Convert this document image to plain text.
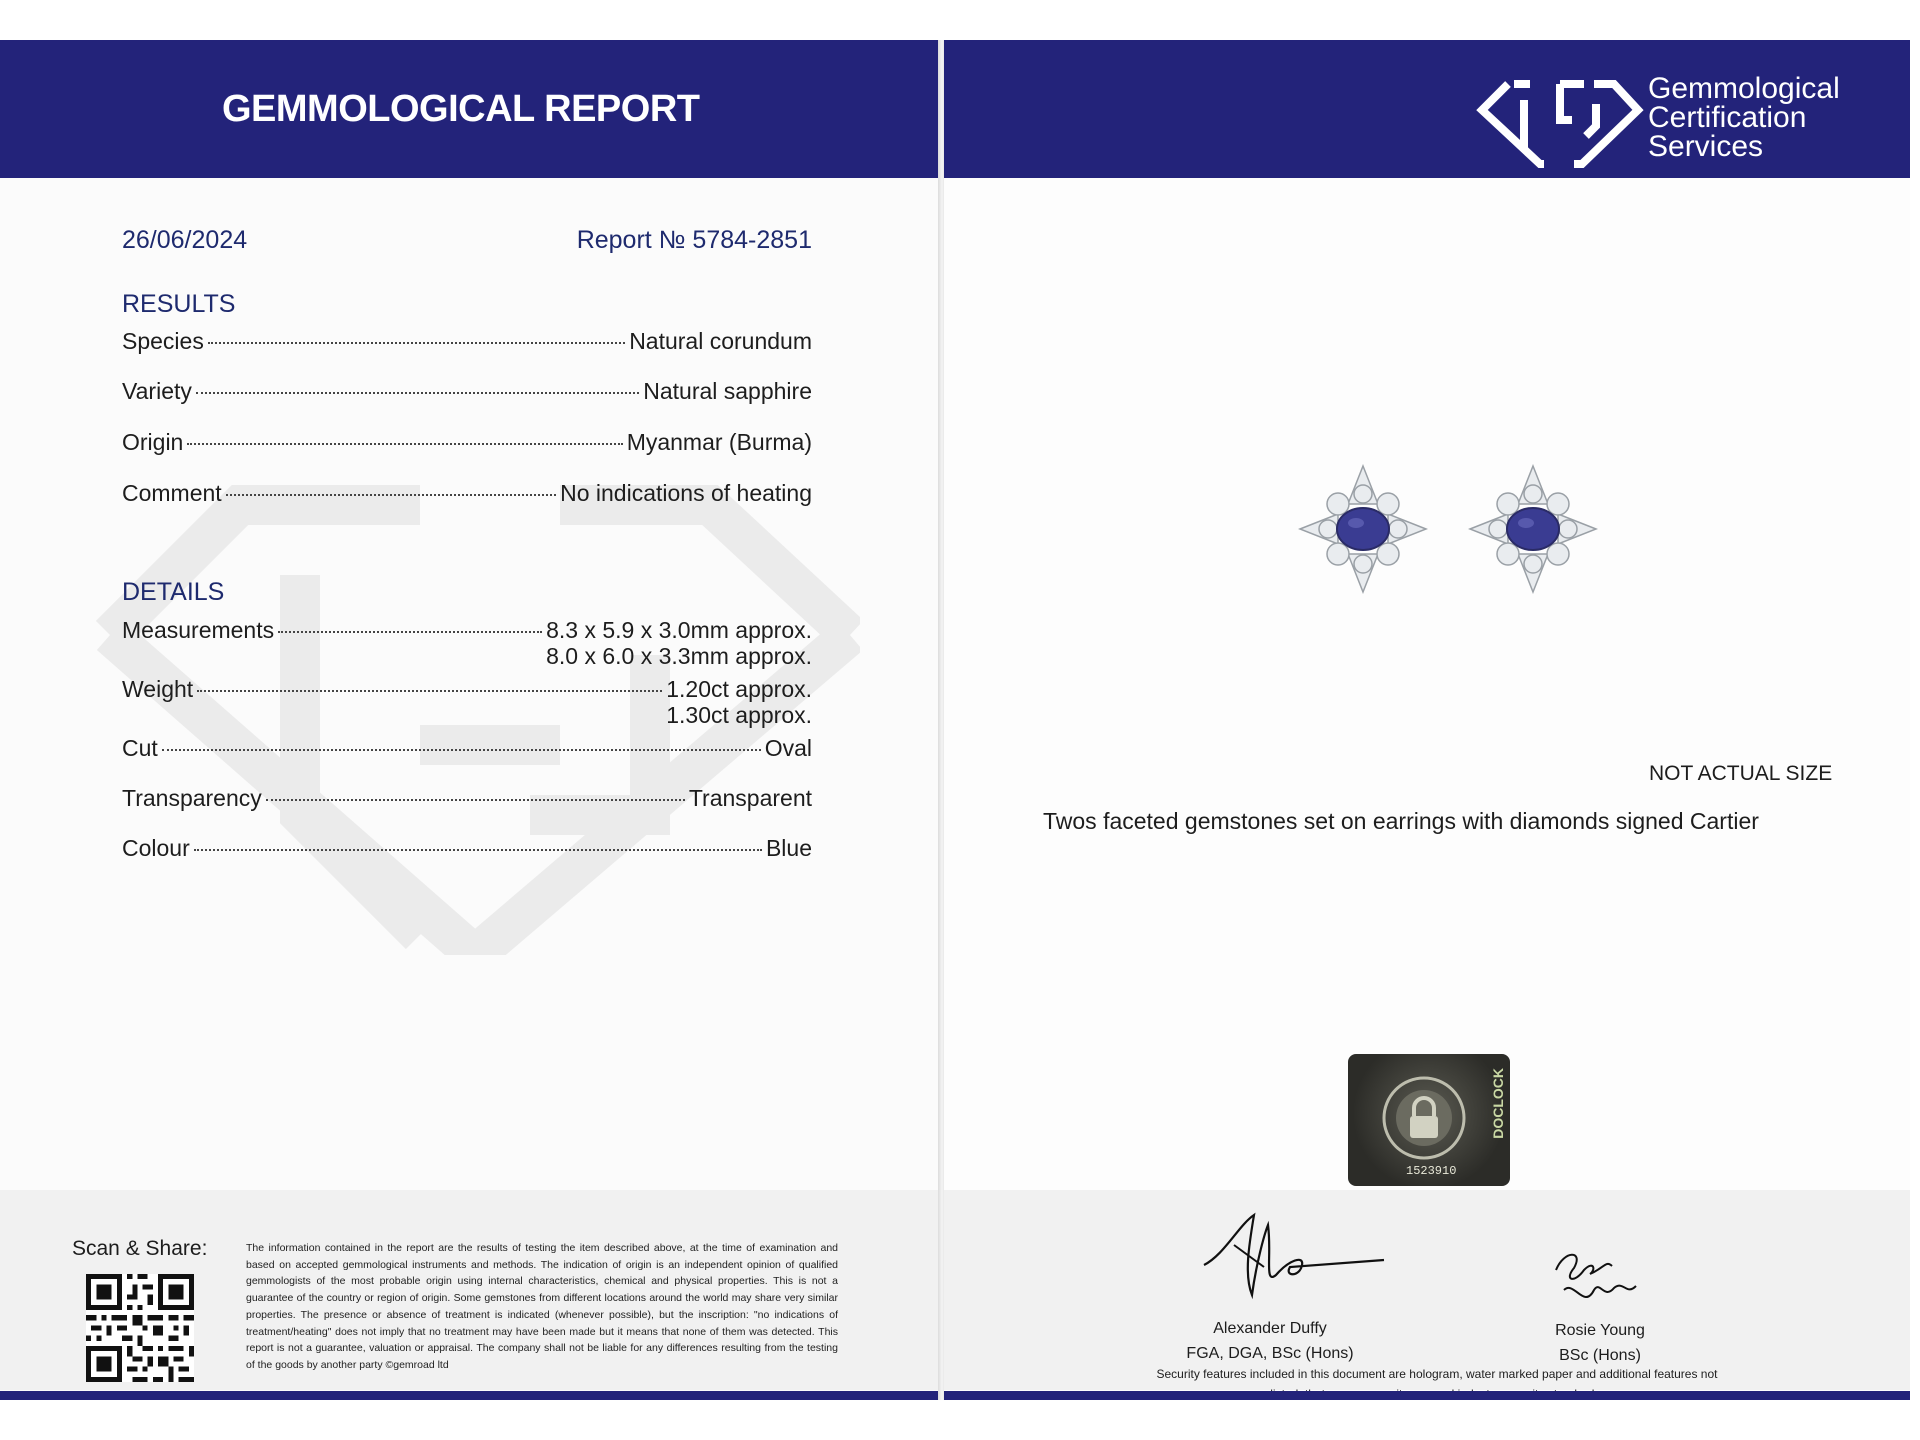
GEMMOLOGICAL REPORT
26/06/2024	Report № 5784-2851
RESULTS
Species	Natural corundum
Variety	Natural sapphire
Origin	Myanmar (Burma)
Comment	No indications of heating
DETAILS
Measurements	8.3 x 5.9 x 3.0mm approx.
8.0 x 6.0 x 3.3mm approx.
Weight	1.20ct approx.
1.30ct approx.
Cut	Oval
Transparency	Transparent
Colour	Blue
Scan & Share:	The information contained in the report are the results of testing the item described above, at the time of examination and based on accepted gemmological instruments and methods. The indication of origin is an independent opinion of qualified gemmologists of the most probable origin using internal characteristics, chemical and physical properties. This is not a guarantee of the country or region of origin. Some gemstones from different locations around the world may share very similar properties. The presence or absence of treatment is indicated (whenever possible), but the inscription: "no indications of treatment/heating" does not imply that no treatment may have been made but it means that none of them was detected. This report is not a guarantee, valuation or appraisal. The company shall not be liable for any differences resulting from the testing of the goods by another party ©gemroad ltd
Gemmological
Certification
Services
NOT ACTUAL SIZE
Twos faceted gemstones set on earrings with diamonds signed Cartier
DOCLOCK
1523910
Alexander Duffy
FGA, DGA, BSc (Hons)
Rosie Young
BSc (Hons)
Security features included in this document are hologram, water marked paper and additional features not
